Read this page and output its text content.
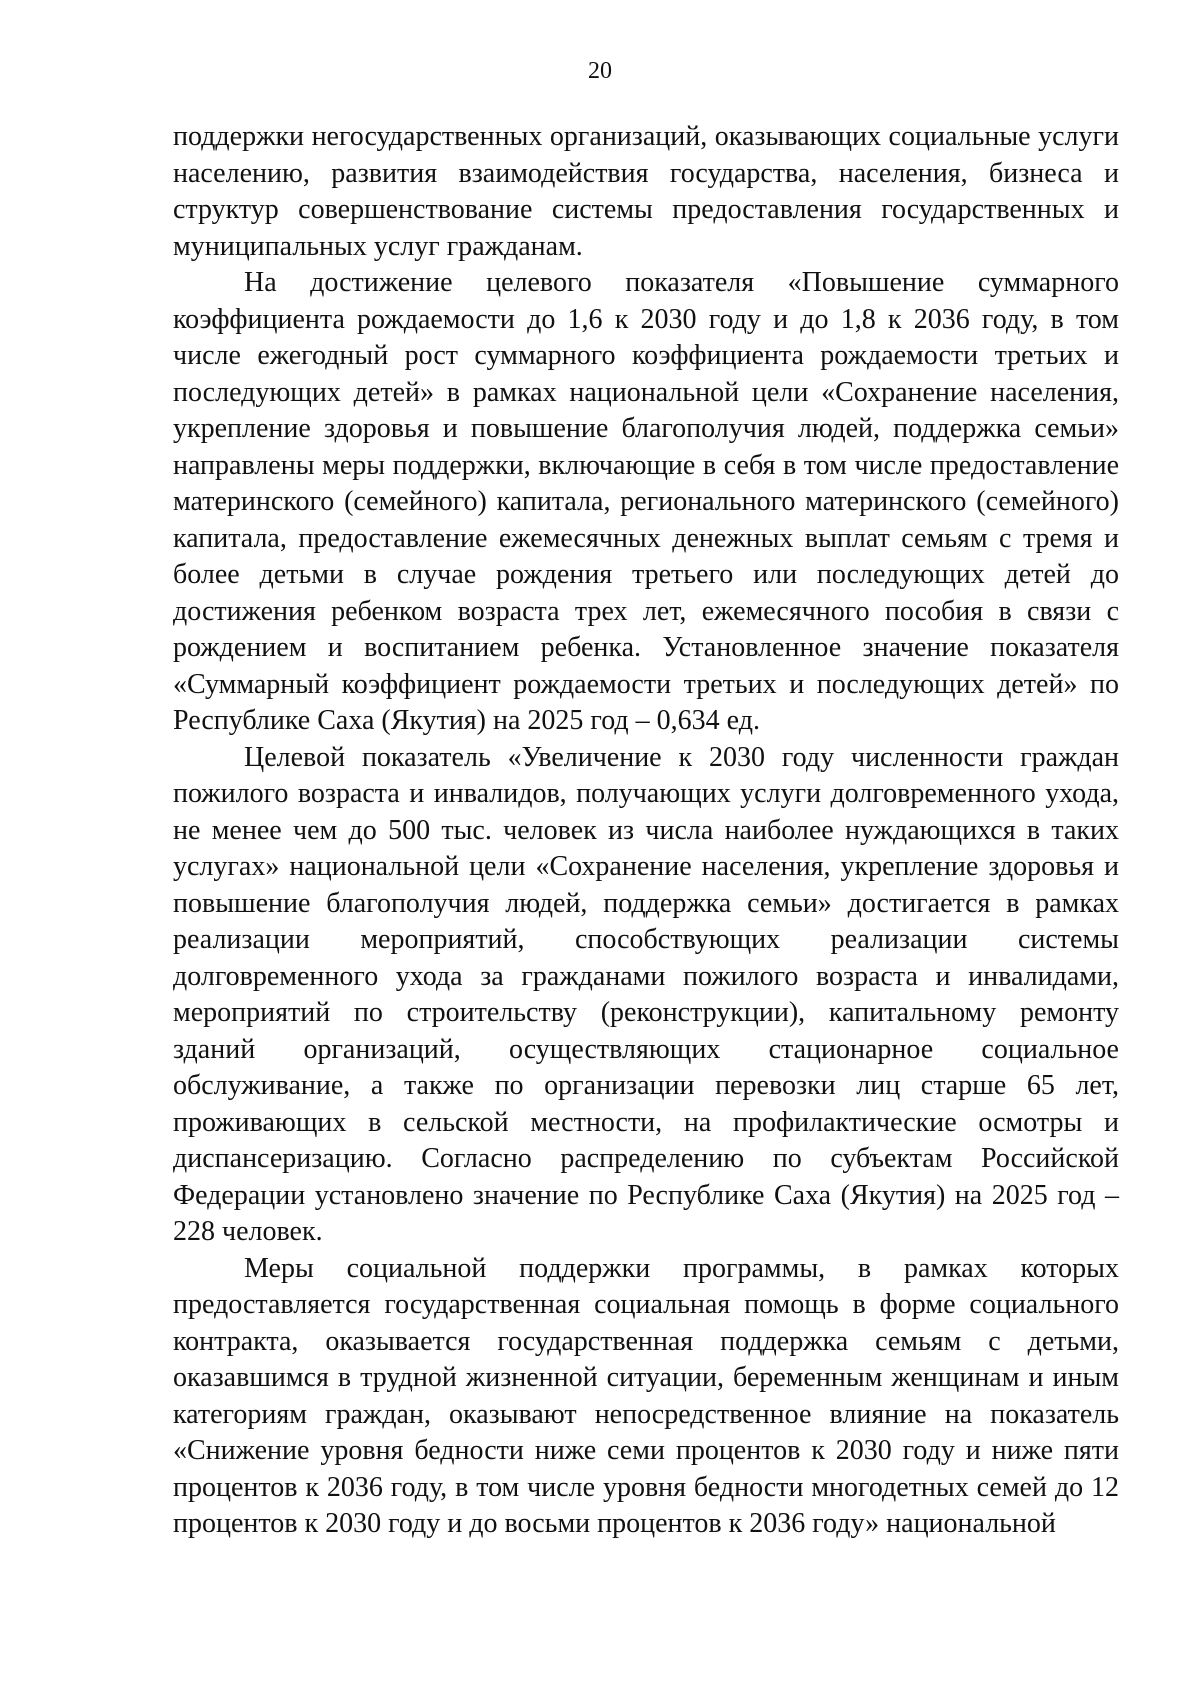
20

поддержки негосударственных организаций, оказывающих социальные услуги населению, развития взаимодействия государства, населения, бизнеса и структур совершенствование системы предоставления государственных и муниципальных услуг гражданам.

На достижение целевого показателя «Повышение суммарного коэффициента рождаемости до 1,6 к 2030 году и до 1,8 к 2036 году, в том числе ежегодный рост суммарного коэффициента рождаемости третьих и последующих детей» в рамках национальной цели «Сохранение населения, укрепление здоровья и повышение благополучия людей, поддержка семьи» направлены меры поддержки, включающие в себя в том числе предоставление материнского (семейного) капитала, регионального материнского (семейного) капитала, предоставление ежемесячных денежных выплат семьям с тремя и более детьми в случае рождения третьего или последующих детей до достижения ребенком возраста трех лет, ежемесячного пособия в связи с рождением и воспитанием ребенка. Установленное значение показателя «Суммарный коэффициент рождаемости третьих и последующих детей» по Республике Саха (Якутия) на 2025 год – 0,634 ед.

Целевой показатель «Увеличение к 2030 году численности граждан пожилого возраста и инвалидов, получающих услуги долговременного ухода, не менее чем до 500 тыс. человек из числа наиболее нуждающихся в таких услугах» национальной цели «Сохранение населения, укрепление здоровья и повышение благополучия людей, поддержка семьи» достигается в рамках реализации мероприятий, способствующих реализации системы долговременного ухода за гражданами пожилого возраста и инвалидами, мероприятий по строительству (реконструкции), капитальному ремонту зданий организаций, осуществляющих стационарное социальное обслуживание, а также по организации перевозки лиц старше 65 лет, проживающих в сельской местности, на профилактические осмотры и диспансеризацию. Согласно распределению по субъектам Российской Федерации установлено значение по Республике Саха (Якутия) на 2025 год – 228 человек.

Меры социальной поддержки программы, в рамках которых предоставляется государственная социальная помощь в форме социального контракта, оказывается государственная поддержка семьям с детьми, оказавшимся в трудной жизненной ситуации, беременным женщинам и иным категориям граждан, оказывают непосредственное влияние на показатель «Снижение уровня бедности ниже семи процентов к 2030 году и ниже пяти процентов к 2036 году, в том числе уровня бедности многодетных семей до 12 процентов к 2030 году и до восьми процентов к 2036 году» национальной
